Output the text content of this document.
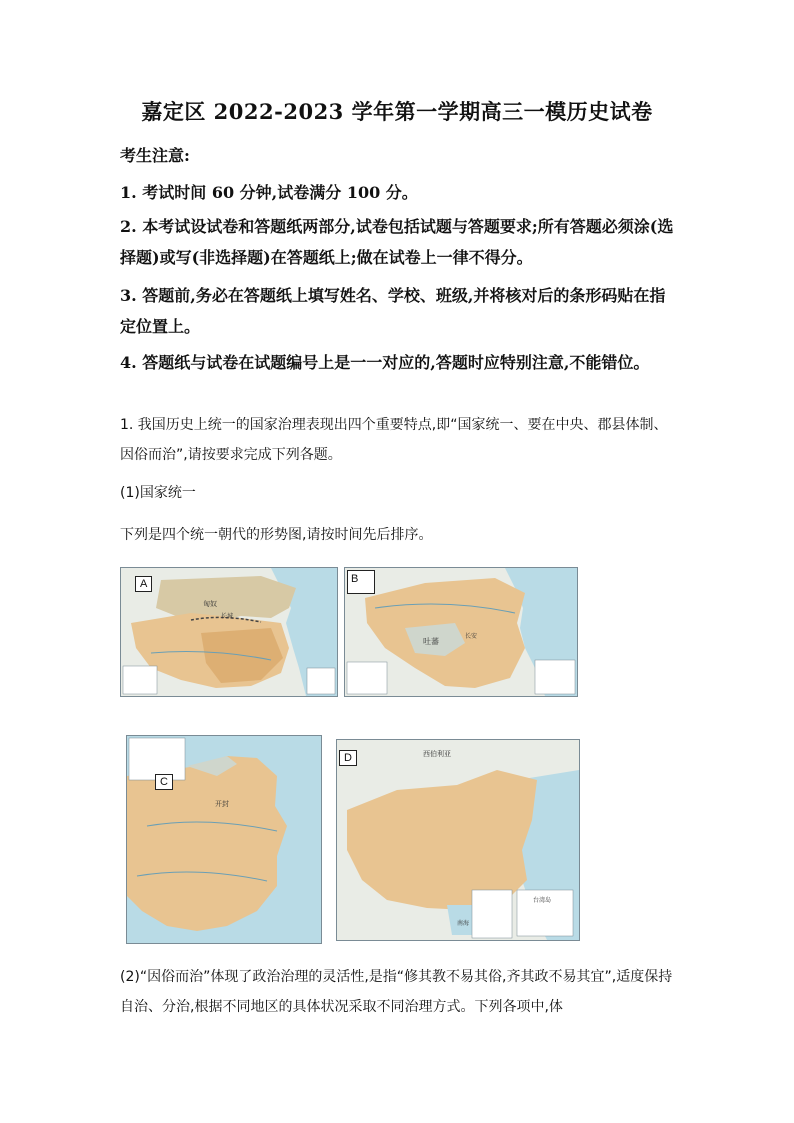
嘉定区 2022-2023 学年第一学期高三一模历史试卷
考生注意:
1. 考试时间 60 分钟,试卷满分 100 分。
2. 本考试设试卷和答题纸两部分,试卷包括试题与答题要求;所有答题必须涂(选择题)或写(非选择题)在答题纸上;做在试卷上一律不得分。
3. 答题前,务必在答题纸上填写姓名、学校、班级,并将核对后的条形码贴在指定位置上。
4. 答题纸与试卷在试题编号上是一一对应的,答题时应特别注意,不能错位。
1. 我国历史上统一的国家治理表现出四个重要特点,即“国家统一、要在中央、郡县体制、因俗而治”,请按要求完成下列各题。
(1)国家统一
下列是四个统一朝代的形势图,请按时间先后排序。
匈奴
长城
A
吐蕃	长安
B
开封
C
西伯利亚
台湾岛
南海
D
(2)“因俗而治”体现了政治治理的灵活性,是指“修其教不易其俗,齐其政不易其宜”,适度保持自治、分治,根据不同地区的具体状况采取不同治理方式。下列各项中,体
